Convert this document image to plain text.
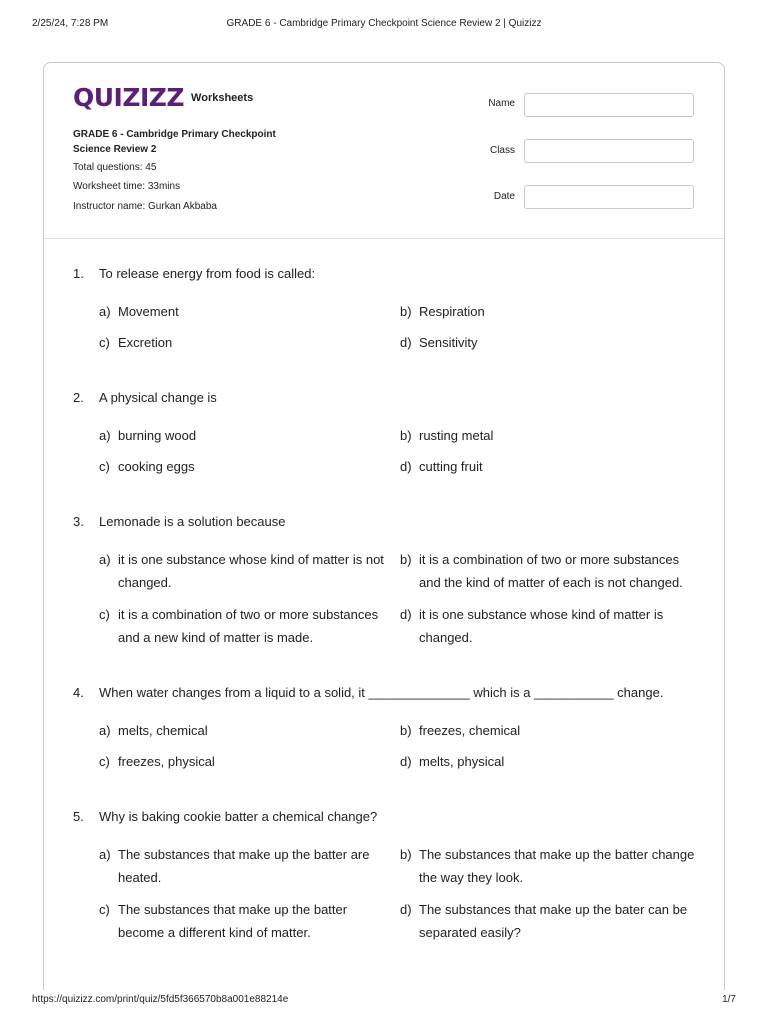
2/25/24, 7:28 PM	GRADE 6 - Cambridge Primary Checkpoint Science Review 2 | Quizizz
QUIZIZZ Worksheets
GRADE 6 - Cambridge Primary Checkpoint
Science Review 2
Total questions: 45
Worksheet time: 33mins
Instructor name: Gurkan Akbaba
Name
Class
Date
1. To release energy from food is called:
a) Movement	b) Respiration
c) Excretion	d) Sensitivity
2. A physical change is
a) burning wood	b) rusting metal
c) cooking eggs	d) cutting fruit
3. Lemonade is a solution because
a) it is one substance whose kind of matter is not changed.
b) it is a combination of two or more substances and the kind of matter of each is not changed.
c) it is a combination of two or more substances and a new kind of matter is made.
d) it is one substance whose kind of matter is changed.
4. When water changes from a liquid to a solid, it ______________ which is a ___________ change.
a) melts, chemical	b) freezes, chemical
c) freezes, physical	d) melts, physical
5. Why is baking cookie batter a chemical change?
a) The substances that make up the batter are heated.
b) The substances that make up the batter change the way they look.
c) The substances that make up the batter become a different kind of matter.
d) The substances that make up the bater can be separated easily?
https://quizizz.com/print/quiz/5fd5f366570b8a001e88214e	1/7
